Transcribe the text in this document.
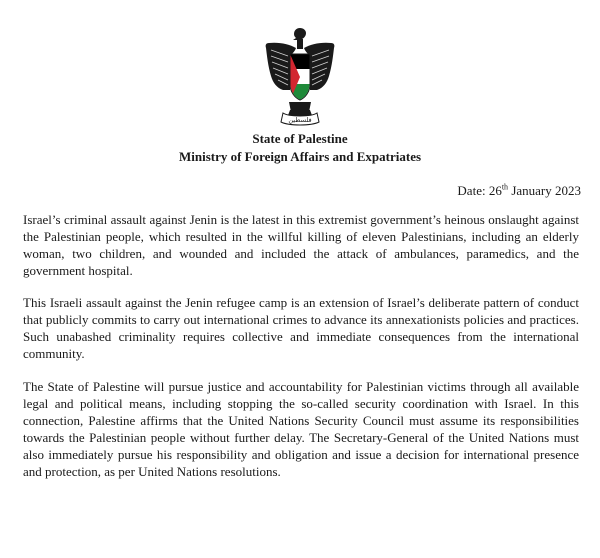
فلسطين
State of Palestine
Ministry of Foreign Affairs and Expatriates
Date: 26th January 2023

Israel’s criminal assault against Jenin is the latest in this extremist government’s heinous onslaught against the Palestinian people, which resulted in the willful killing of eleven Palestinians, including an elderly woman, two children, and wounded and included the attack of ambulances, paramedics, and the government hospital.

This Israeli assault against the Jenin refugee camp is an extension of Israel’s deliberate pattern of conduct that publicly commits to carry out international crimes to advance its annexationists policies and practices. Such unabashed criminality requires collective and immediate consequences from the international community.

The State of Palestine will pursue justice and accountability for Palestinian victims through all available legal and political means, including stopping the so-called security coordination with Israel. In this connection, Palestine affirms that the United Nations Security Council must assume its responsibilities towards the Palestinian people without further delay. The Secretary-General of the United Nations must also immediately pursue his responsibility and obligation and issue a decision for international presence and protection, as per United Nations resolutions.
